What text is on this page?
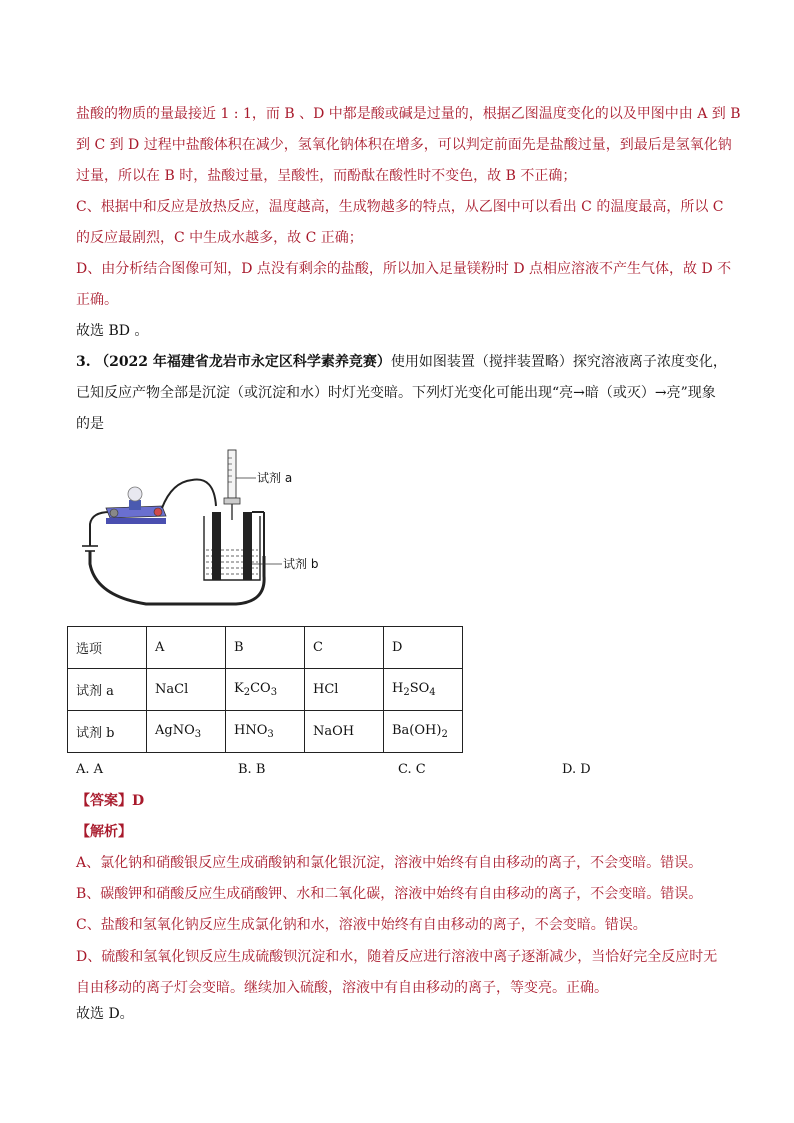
盐酸的物质的量最接近 1 : 1，而 B 、D 中都是酸或碱是过量的，根据乙图温度变化的以及甲图中由 A 到 B
到 C 到 D 过程中盐酸体积在减少，氢氧化钠体积在增多，可以判定前面先是盐酸过量，到最后是氢氧化钠
过量，所以在 B 时，盐酸过量，呈酸性，而酚酞在酸性时不变色，故 B 不正确；
C、根据中和反应是放热反应，温度越高，生成物越多的特点，从乙图中可以看出 C 的温度最高，所以 C
的反应最剧烈，C 中生成水越多，故 C 正确；
D、由分析结合图像可知，D 点没有剩余的盐酸，所以加入足量镁粉时 D 点相应溶液不产生气体，故 D 不
正确。
故选 BD 。
3. （2022 年福建省龙岩市永定区科学素养竞赛）使用如图装置（搅拌装置略）探究溶液离子浓度变化，
已知反应产物全部是沉淀（或沉淀和水）时灯光变暗。下列灯光变化可能出现“亮→暗（或灭）→亮”现象
的是
试剂 a
试剂 b
选项	A	B	C	D
试剂 a	NaCl	$K_2CO_3$	HCl	$H_2SO_4$
试剂 b	AgNO$_3$	$HNO_3$	NaOH	$Ba(OH)_2$
A. A	B. B	C. C	D. D
【答案】D
【解析】
A、氯化钠和硝酸银反应生成硝酸钠和氯化银沉淀，溶液中始终有自由移动的离子，不会变暗。错误。
B、碳酸钾和硝酸反应生成硝酸钾、水和二氧化碳，溶液中始终有自由移动的离子，不会变暗。错误。
C、盐酸和氢氧化钠反应生成氯化钠和水，溶液中始终有自由移动的离子，不会变暗。错误。
D、硫酸和氢氧化钡反应生成硫酸钡沉淀和水，随着反应进行溶液中离子逐渐减少，当恰好完全反应时无
自由移动的离子灯会变暗。继续加入硫酸，溶液中有自由移动的离子，等变亮。正确。
故选 D。
